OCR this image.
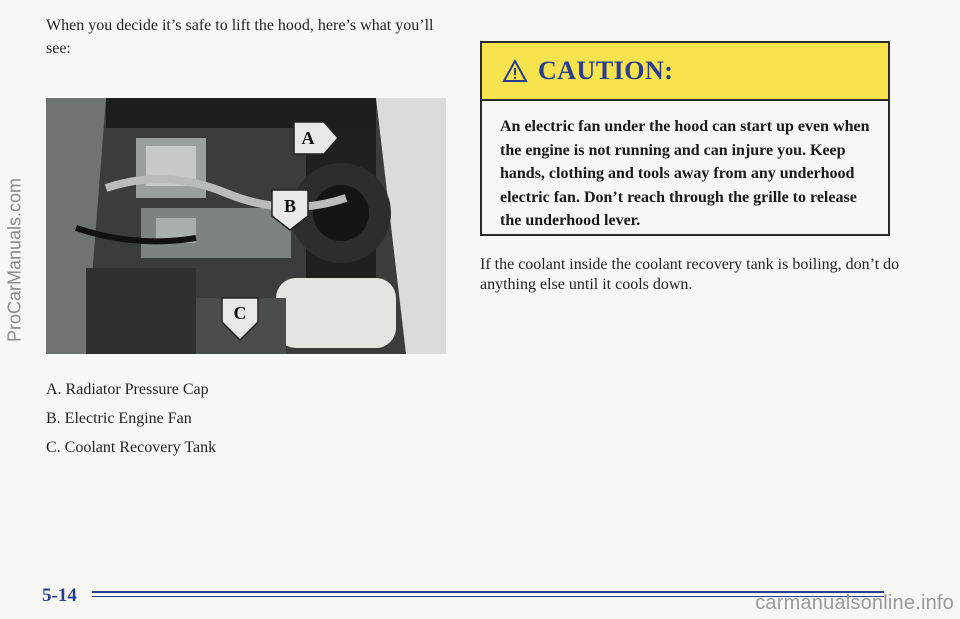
When you decide it’s safe to lift the hood, here’s what you’ll see:
A
B
C
A. Radiator Pressure Cap
B. Electric Engine Fan
C. Coolant Recovery Tank
CAUTION:
An electric fan under the hood can start up even when the engine is not running and can injure you. Keep hands, clothing and tools away from any underhood electric fan. Don’t reach through the grille to release the underhood lever.
If the coolant inside the coolant recovery tank is boiling, don’t do anything else until it cools down.
5-14
ProCarManuals.com
carmanualsonline.info
